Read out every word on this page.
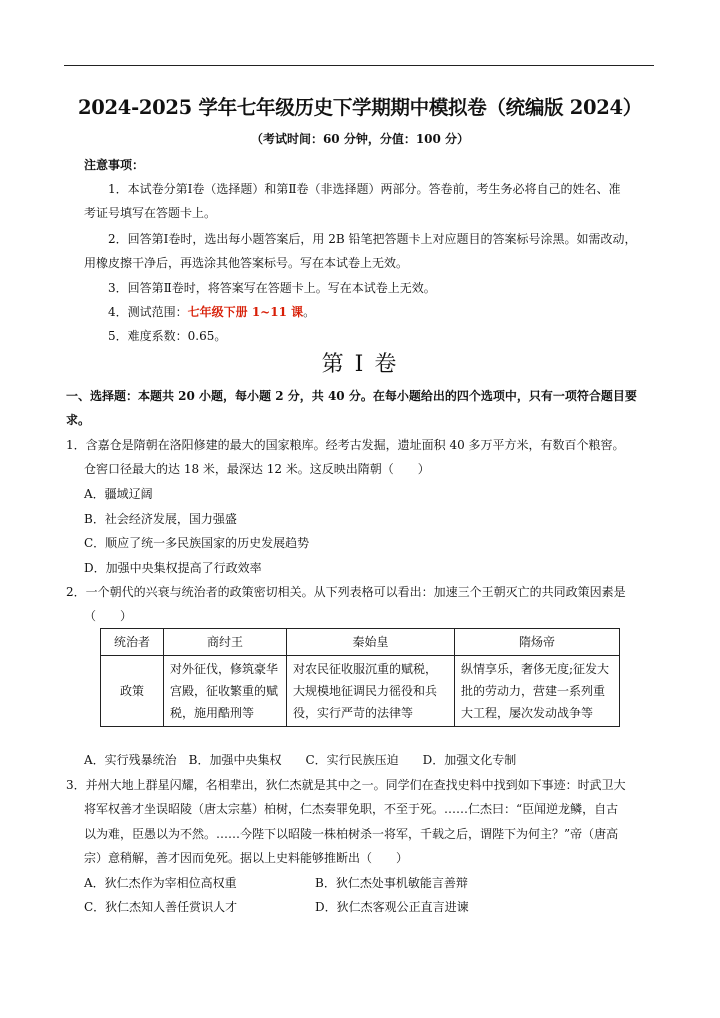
2024-2025 学年七年级历史下学期期中模拟卷（统编版 2024）
（考试时间：60 分钟，分值：100 分）
注意事项：
1．本试卷分第Ⅰ卷（选择题）和第Ⅱ卷（非选择题）两部分。答卷前，考生务必将自己的姓名、准
考证号填写在答题卡上。
2．回答第Ⅰ卷时，选出每小题答案后，用 2B 铅笔把答题卡上对应题目的答案标号涂黑。如需改动，
用橡皮擦干净后，再选涂其他答案标号。写在本试卷上无效。
3．回答第Ⅱ卷时，将答案写在答题卡上。写在本试卷上无效。
4．测试范围：七年级下册 1~11 课。
5．难度系数：0.65。
第 Ⅰ 卷
一、选择题：本题共 20 小题，每小题 2 分，共 40 分。在每小题给出的四个选项中，只有一项符合题目要
求。
1．含嘉仓是隋朝在洛阳修建的最大的国家粮库。经考古发掘，遗址面积 40 多万平方米，有数百个粮窖。
仓窖口径最大的达 18 米，最深达 12 米。这反映出隋朝（　　）
A．疆域辽阔
B．社会经济发展，国力强盛
C．顺应了统一多民族国家的历史发展趋势
D．加强中央集权提高了行政效率
2．一个朝代的兴衰与统治者的政策密切相关。从下列表格可以看出：加速三个王朝灭亡的共同政策因素是
（　　）
统治者	商纣王	秦始皇	隋炀帝
政策	对外征伐，修筑豪华宫殿，征收繁重的赋税，施用酷刑等	对农民征收服沉重的赋税，大规模地征调民力徭役和兵役，实行严苛的法律等	纵情享乐，奢侈无度;征发大批的劳动力，营建一系列重大工程，屡次发动战争等
A．实行残暴统治　B．加强中央集权　　C．实行民族压迫　　D．加强文化专制
3．并州大地上群星闪耀，名相辈出，狄仁杰就是其中之一。同学们在查找史料中找到如下事迹：时武卫大
将军权善才坐误昭陵（唐太宗墓）柏树，仁杰奏罪免职，不至于死。……仁杰曰：“臣闻逆龙鳞，自古
以为难，臣愚以为不然。……今陛下以昭陵一株柏树杀一将军，千载之后，谓陛下为何主？”帝（唐高
宗）意稍解，善才因而免死。据以上史料能够推断出（　　）
A．狄仁杰作为宰相位高权重	B．狄仁杰处事机敏能言善辩
C．狄仁杰知人善任赏识人才	D．狄仁杰客观公正直言进谏
